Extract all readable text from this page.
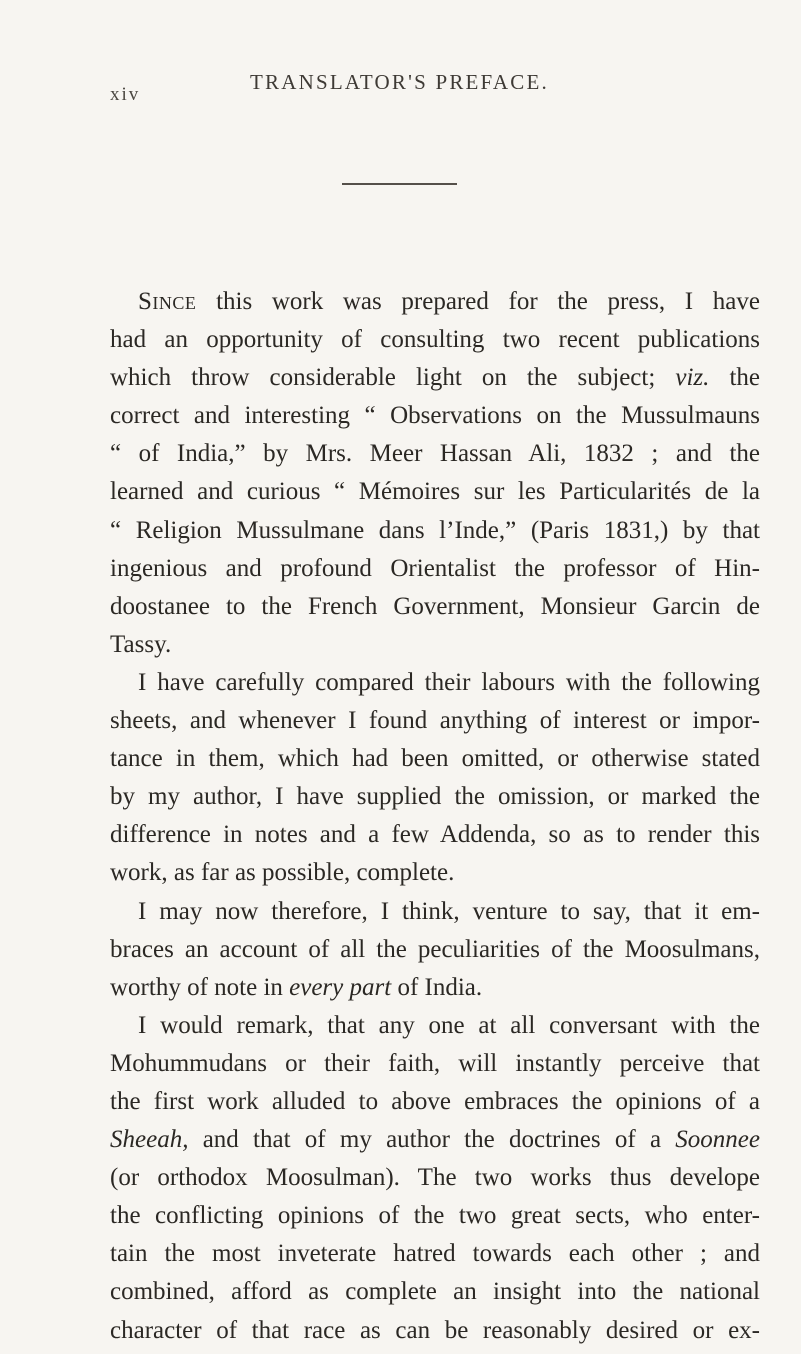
xiv
TRANSLATOR'S PREFACE.
Since this work was prepared for the press, I have
had an opportunity of consulting two recent publications
which throw considerable light on the subject; viz. the
correct and interesting “ Observations on the Mussulmauns
“ of India,” by Mrs. Meer Hassan Ali, 1832 ; and the
learned and curious “ Mémoires sur les Particularités de la
“ Religion Mussulmane dans l’Inde,” (Paris 1831,) by that
ingenious and profound Orientalist the professor of Hin-
doostanee to the French Government, Monsieur Garcin de
Tassy.
I have carefully compared their labours with the following
sheets, and whenever I found anything of interest or impor-
tance in them, which had been omitted, or otherwise stated
by my author, I have supplied the omission, or marked the
difference in notes and a few Addenda, so as to render this
work, as far as possible, complete.
I may now therefore, I think, venture to say, that it em-
braces an account of all the peculiarities of the Moosulmans,
worthy of note in every part of India.
I would remark, that any one at all conversant with the
Mohummudans or their faith, will instantly perceive that
the first work alluded to above embraces the opinions of a
Sheeah, and that of my author the doctrines of a Soonnee
(or orthodox Moosulman). The two works thus develope
the conflicting opinions of the two great sects, who enter-
tain the most inveterate hatred towards each other ; and
combined, afford as complete an insight into the national
character of that race as can be reasonably desired or ex-
